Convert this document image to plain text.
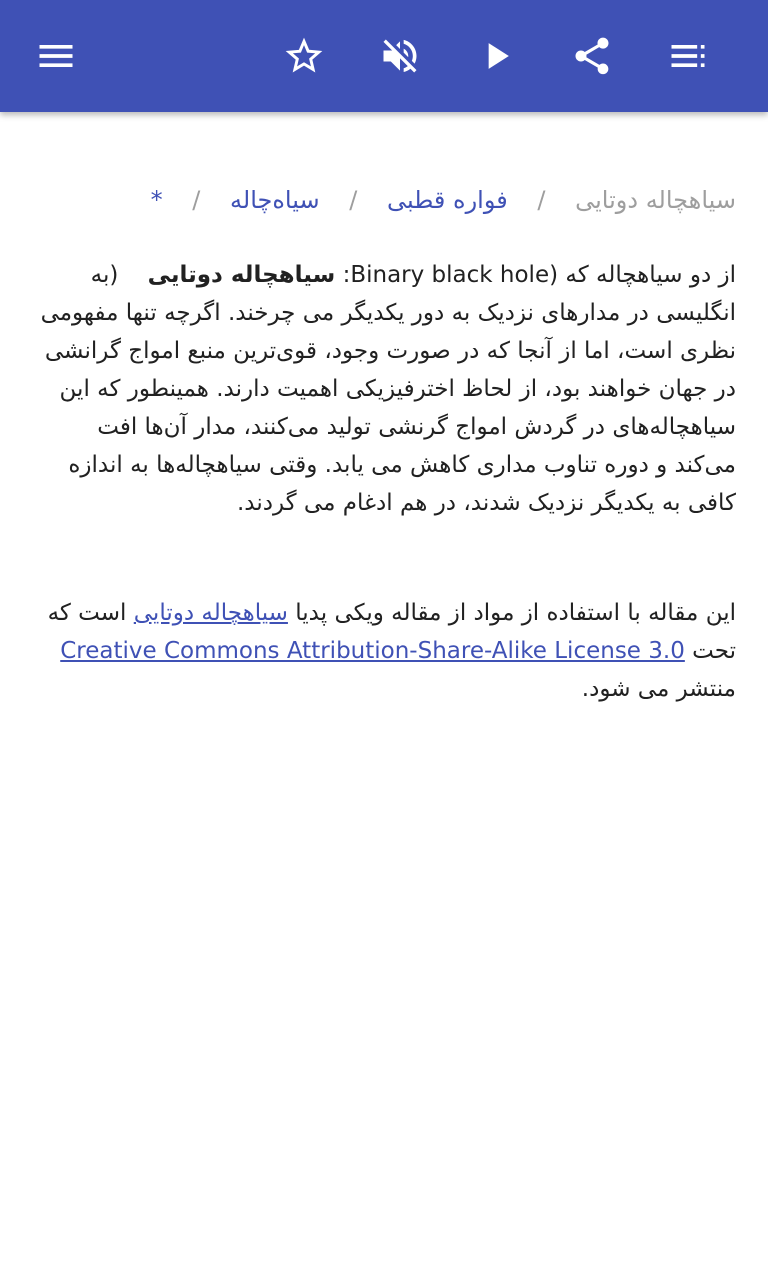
سیاهچاله دوتایی / فواره قطبی / سیاه‌چاله / *

از دو سیاهچاله که (Binary black hole: سیاهچاله دوتایی    (به انگلیسی در مدارهای نزدیک به دور یکدیگر می چرخند. اگرچه تنها مفهومی نظری است، اما از آنجا که در صورت وجود، قوی‌ترین منبع امواج گرانشی در جهان خواهند بود، از لحاظ اخترفیزیکی اهمیت دارند. همینطور که این سیاهچاله‌های در گردش امواج گرنشی تولید می‌کنند، مدار آن‌ها افت می‌کند و دوره تناوب مداری کاهش می یابد. وقتی سیاهچاله‌ها به اندازه کافی به یکدیگر نزدیک شدند، در هم ادغام می گردند.

این مقاله با استفاده از مواد از مقاله ویکی پدیا سیاهچاله دوتایی است که تحت Creative Commons Attribution-Share-Alike License 3.0 منتشر می شود.
